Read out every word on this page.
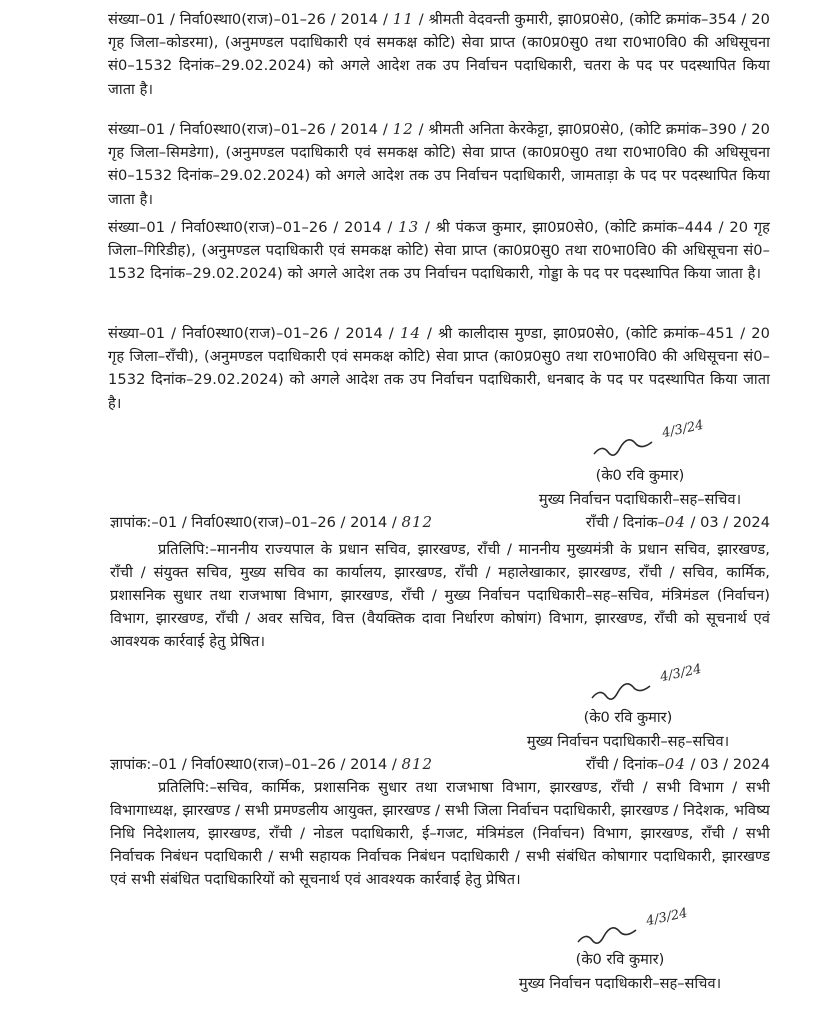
संख्या–01 / निर्वा0स्था0(राज)–01–26 / 2014 / 11 / श्रीमती वेदवन्ती कुमारी, झा0प्र0से0, (कोटि क्रमांक–354 / 20 गृह जिला–कोडरमा), (अनुमण्डल पदाधिकारी एवं समकक्ष कोटि) सेवा प्राप्त (का0प्र0सु0 तथा रा0भा0वि0 की अधिसूचना सं0–1532 दिनांक–29.02.2024) को अगले आदेश तक उप निर्वाचन पदाधिकारी, चतरा के पद पर पदस्थापित किया जाता है।
संख्या–01 / निर्वा0स्था0(राज)–01–26 / 2014 / 12 / श्रीमती अनिता केरकेट्टा, झा0प्र0से0, (कोटि क्रमांक–390 / 20 गृह जिला–सिमडेगा), (अनुमण्डल पदाधिकारी एवं समकक्ष कोटि) सेवा प्राप्त (का0प्र0सु0 तथा रा0भा0वि0 की अधिसूचना सं0–1532 दिनांक–29.02.2024) को अगले आदेश तक उप निर्वाचन पदाधिकारी, जामताड़ा के पद पर पदस्थापित किया जाता है।
संख्या–01 / निर्वा0स्था0(राज)–01–26 / 2014 / 13 / श्री पंकज कुमार, झा0प्र0से0, (कोटि क्रमांक–444 / 20 गृह जिला–गिरिडीह), (अनुमण्डल पदाधिकारी एवं समकक्ष कोटि) सेवा प्राप्त (का0प्र0सु0 तथा रा0भा0वि0 की अधिसूचना सं0–1532 दिनांक–29.02.2024) को अगले आदेश तक उप निर्वाचन पदाधिकारी, गोड्डा के पद पर पदस्थापित किया जाता है।
संख्या–01 / निर्वा0स्था0(राज)–01–26 / 2014 / 14 / श्री कालीदास मुण्डा, झा0प्र0से0, (कोटि क्रमांक–451 / 20 गृह जिला–राँची), (अनुमण्डल पदाधिकारी एवं समकक्ष कोटि) सेवा प्राप्त (का0प्र0सु0 तथा रा0भा0वि0 की अधिसूचना सं0–1532 दिनांक–29.02.2024) को अगले आदेश तक उप निर्वाचन पदाधिकारी, धनबाद के पद पर पदस्थापित किया जाता है।
4/3/24
(के0 रवि कुमार)
मुख्य निर्वाचन पदाधिकारी–सह–सचिव।
ज्ञापांक:–01 / निर्वा0स्था0(राज)–01–26 / 2014 / 812	राँची / दिनांक–04 / 03 / 2024
प्रतिलिपि:–माननीय राज्यपाल के प्रधान सचिव, झारखण्ड, राँची / माननीय मुख्यमंत्री के प्रधान सचिव, झारखण्ड, राँची / संयुक्त सचिव, मुख्य सचिव का कार्यालय, झारखण्ड, राँची / महालेखाकार, झारखण्ड, राँची / सचिव, कार्मिक, प्रशासनिक सुधार तथा राजभाषा विभाग, झारखण्ड, राँची / मुख्य निर्वाचन पदाधिकारी–सह–सचिव, मंत्रिमंडल (निर्वाचन) विभाग, झारखण्ड, राँची / अवर सचिव, वित्त (वैयक्तिक दावा निर्धारण कोषांग) विभाग, झारखण्ड, राँची को सूचनार्थ एवं आवश्यक कार्रवाई हेतु प्रेषित।
4/3/24
(के0 रवि कुमार)
मुख्य निर्वाचन पदाधिकारी–सह–सचिव।
ज्ञापांक:–01 / निर्वा0स्था0(राज)–01–26 / 2014 / 812	राँची / दिनांक–04 / 03 / 2024
प्रतिलिपि:–सचिव, कार्मिक, प्रशासनिक सुधार तथा राजभाषा विभाग, झारखण्ड, राँची / सभी विभाग / सभी विभागाध्यक्ष, झारखण्ड / सभी प्रमण्डलीय आयुक्त, झारखण्ड / सभी जिला निर्वाचन पदाधिकारी, झारखण्ड / निदेशक, भविष्य निधि निदेशालय, झारखण्ड, राँची / नोडल पदाधिकारी, ई–गजट, मंत्रिमंडल (निर्वाचन) विभाग, झारखण्ड, राँची / सभी निर्वाचक निबंधन पदाधिकारी / सभी सहायक निर्वाचक निबंधन पदाधिकारी / सभी संबंधित कोषागार पदाधिकारी, झारखण्ड एवं सभी संबंधित पदाधिकारियों को सूचनार्थ एवं आवश्यक कार्रवाई हेतु प्रेषित।
4/3/24
(के0 रवि कुमार)
मुख्य निर्वाचन पदाधिकारी–सह–सचिव।
